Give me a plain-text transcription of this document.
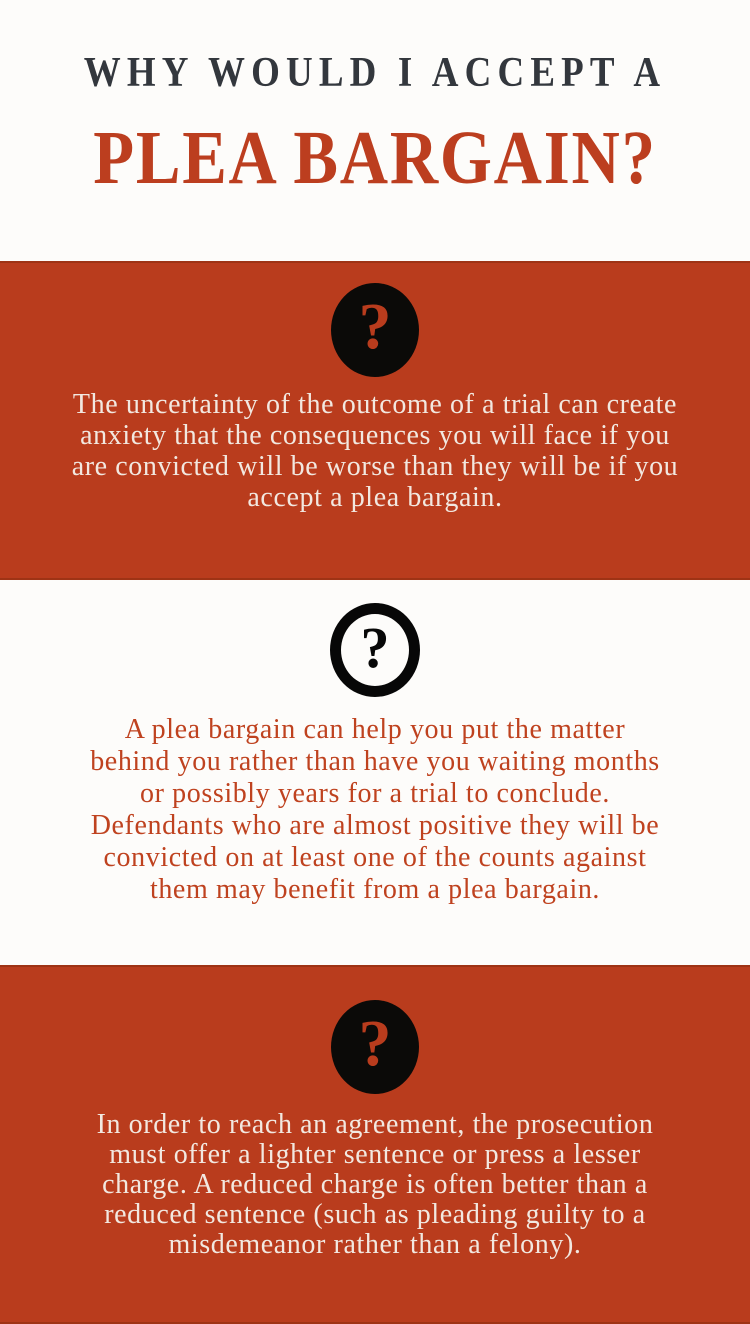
WHY WOULD I ACCEPT A
PLEA BARGAIN?
?
The uncertainty of the outcome of a trial can create
anxiety that the consequences you will face if you
are convicted will be worse than they will be if you
accept a plea bargain.
?
A plea bargain can help you put the matter
behind you rather than have you waiting months
or possibly years for a trial to conclude.
Defendants who are almost positive they will be
convicted on at least one of the counts against
them may benefit from a plea bargain.
?
In order to reach an agreement, the prosecution
must offer a lighter sentence or press a lesser
charge. A reduced charge is often better than a
reduced sentence (such as pleading guilty to a
misdemeanor rather than a felony).
